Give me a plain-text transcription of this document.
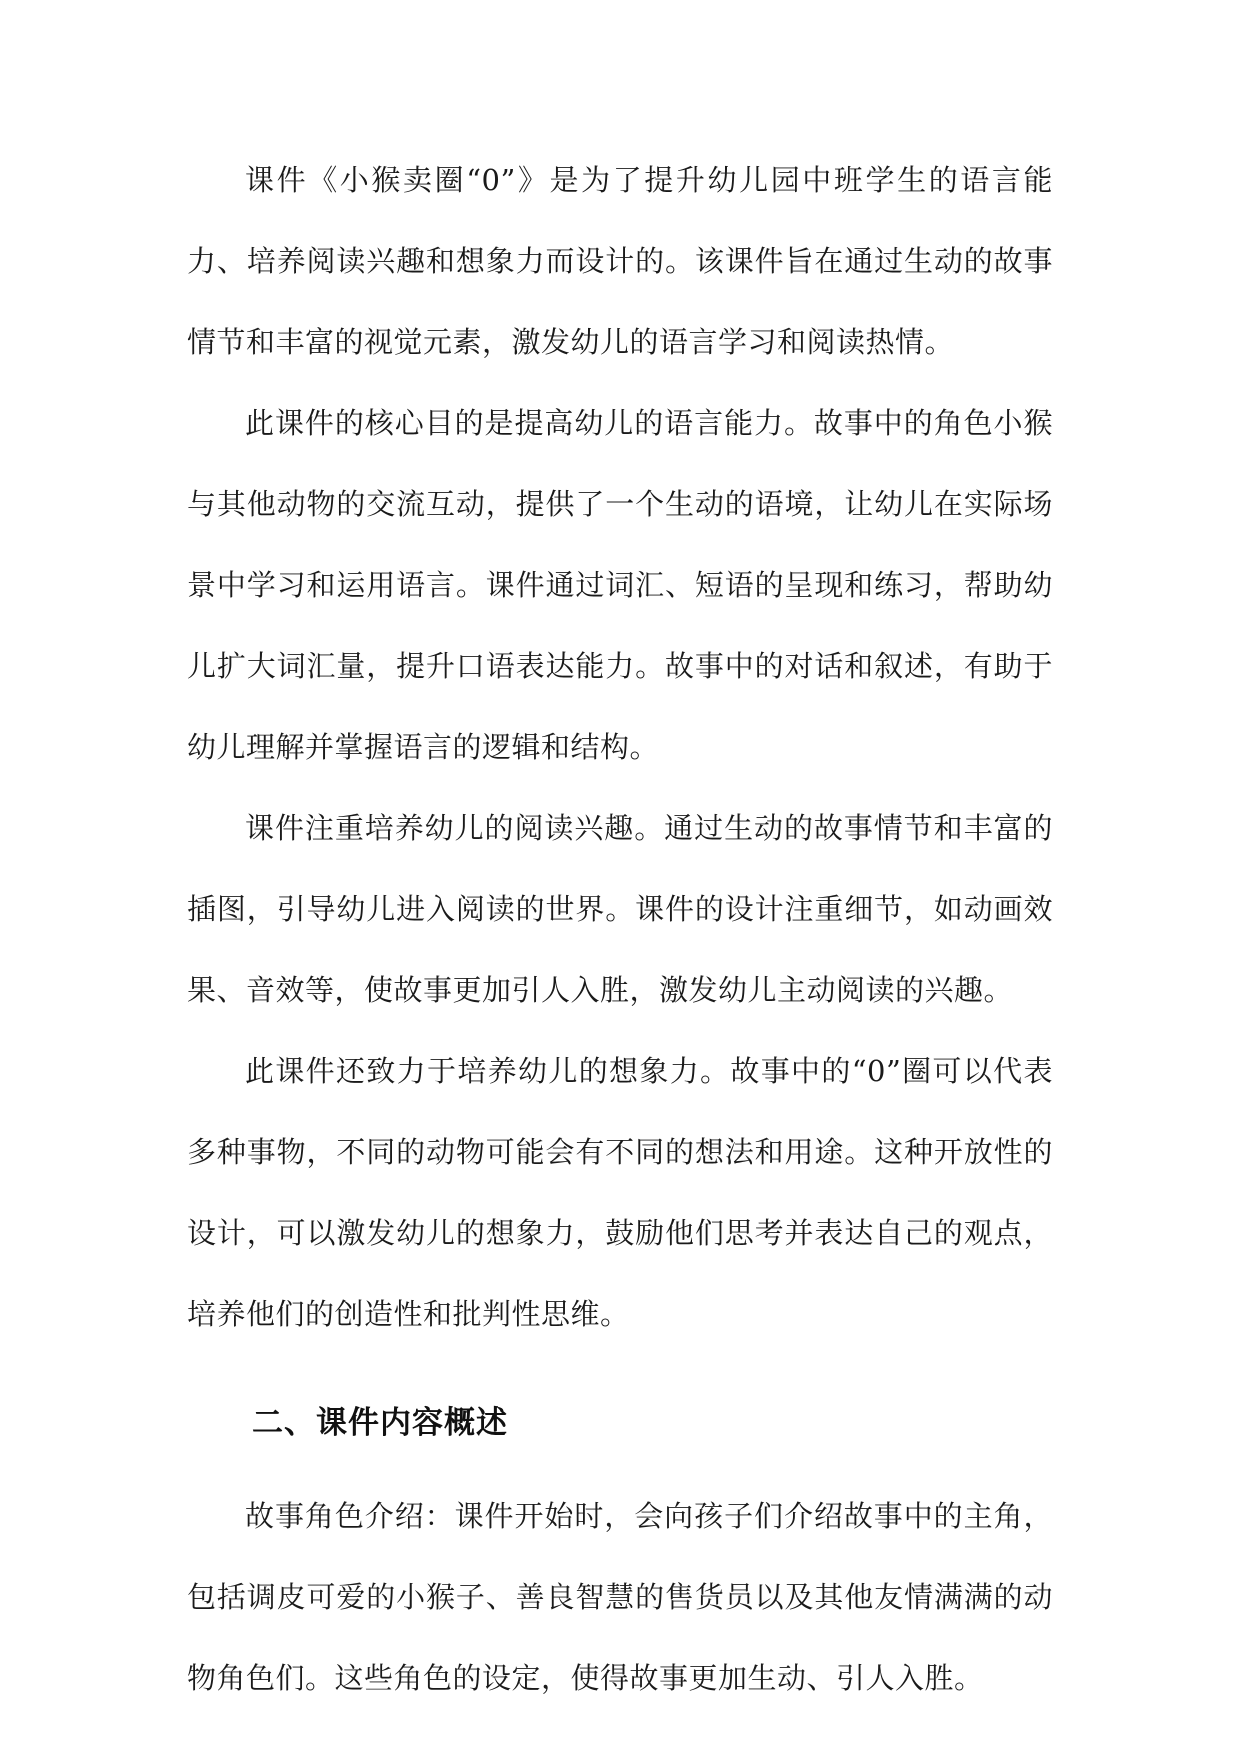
课件《小猴卖圈“0”》是为了提升幼儿园中班学生的语言能力、培养阅读兴趣和想象力而设计的。该课件旨在通过生动的故事情节和丰富的视觉元素，激发幼儿的语言学习和阅读热情。

此课件的核心目的是提高幼儿的语言能力。故事中的角色小猴与其他动物的交流互动，提供了一个生动的语境，让幼儿在实际场景中学习和运用语言。课件通过词汇、短语的呈现和练习，帮助幼儿扩大词汇量，提升口语表达能力。故事中的对话和叙述，有助于幼儿理解并掌握语言的逻辑和结构。

课件注重培养幼儿的阅读兴趣。通过生动的故事情节和丰富的插图，引导幼儿进入阅读的世界。课件的设计注重细节，如动画效果、音效等，使故事更加引人入胜，激发幼儿主动阅读的兴趣。

此课件还致力于培养幼儿的想象力。故事中的“0”圈可以代表多种事物，不同的动物可能会有不同的想法和用途。这种开放性的设计，可以激发幼儿的想象力，鼓励他们思考并表达自己的观点，培养他们的创造性和批判性思维。

二、课件内容概述

故事角色介绍：课件开始时，会向孩子们介绍故事中的主角，包括调皮可爱的小猴子、善良智慧的售货员以及其他友情满满的动物角色们。这些角色的设定，使得故事更加生动、引人入胜。
